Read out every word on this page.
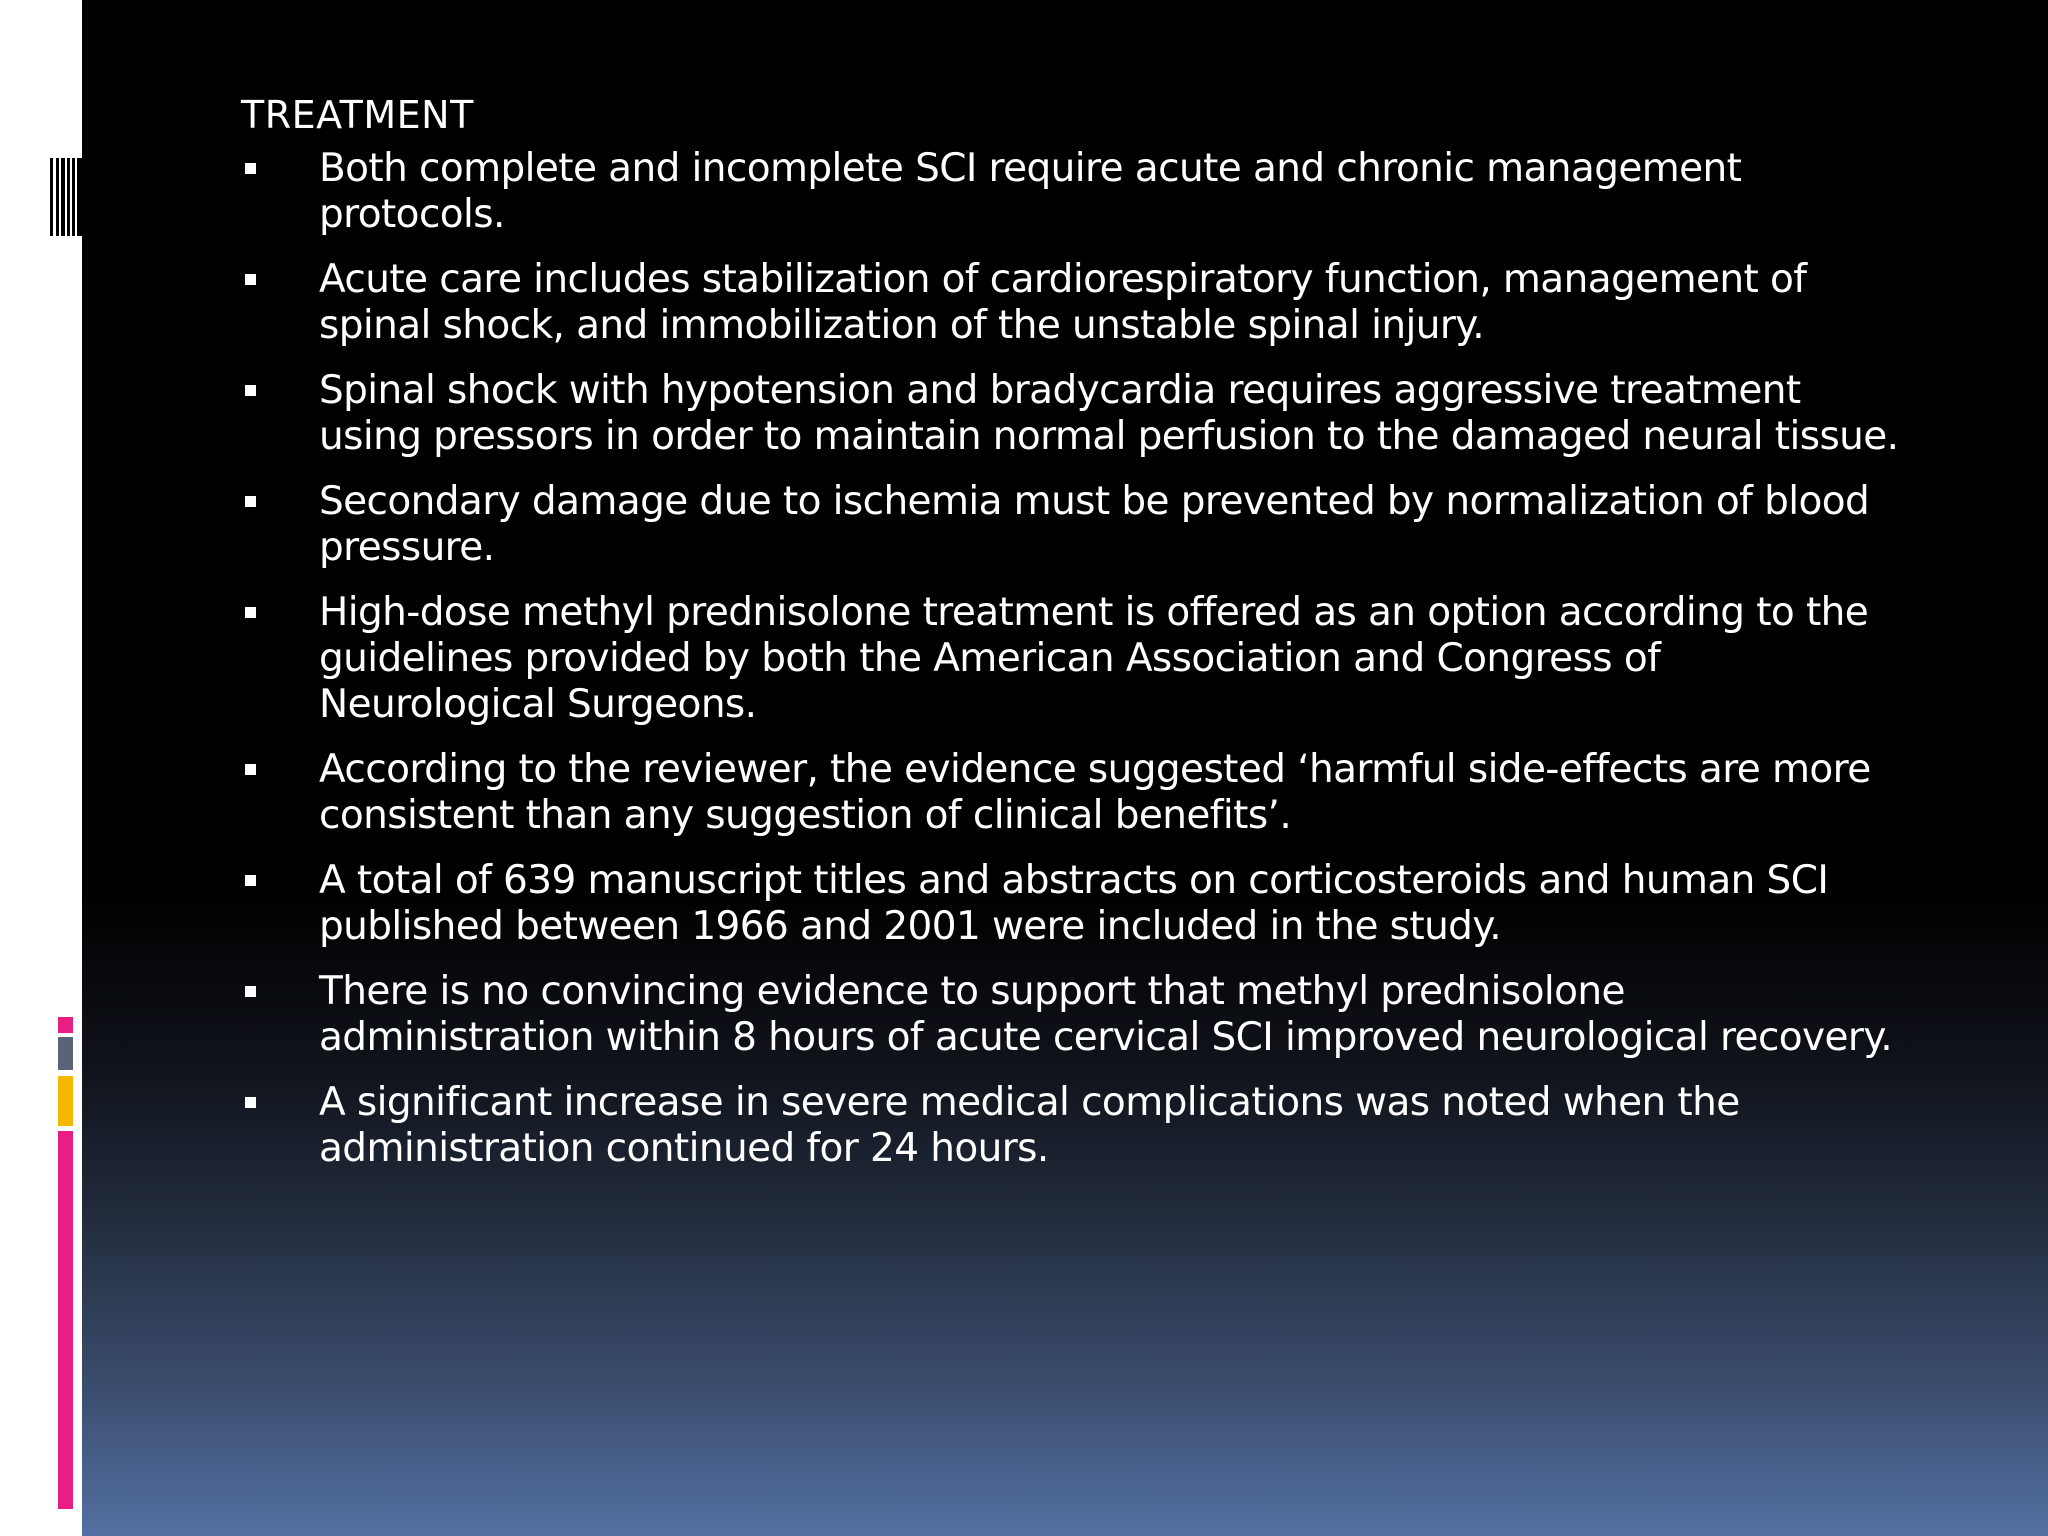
TREATMENT
Both complete and incomplete SCI require acute and chronic management protocols.
Acute care includes stabilization of cardiorespiratory function, management of spinal shock, and immobilization of the unstable spinal injury.
Spinal shock with hypotension and bradycardia requires aggressive treatment using pressors in order to maintain normal perfusion to the damaged neural tissue.
Secondary damage due to ischemia must be prevented by normalization of blood pressure.
High-dose methyl prednisolone treatment is offered as an option according to the guidelines provided by both the American Association and Congress of Neurological Surgeons.
According to the reviewer, the evidence suggested ‘harmful side-effects are more consistent than any suggestion of clinical benefits’.
A total of 639 manuscript titles and abstracts on corticosteroids and human SCI published between 1966 and 2001 were included in the study.
There is no convincing evidence to support that methyl prednisolone administration within 8 hours of acute cervical SCI improved neurological recovery.
A significant increase in severe medical complications was noted when the administration continued for 24 hours.
